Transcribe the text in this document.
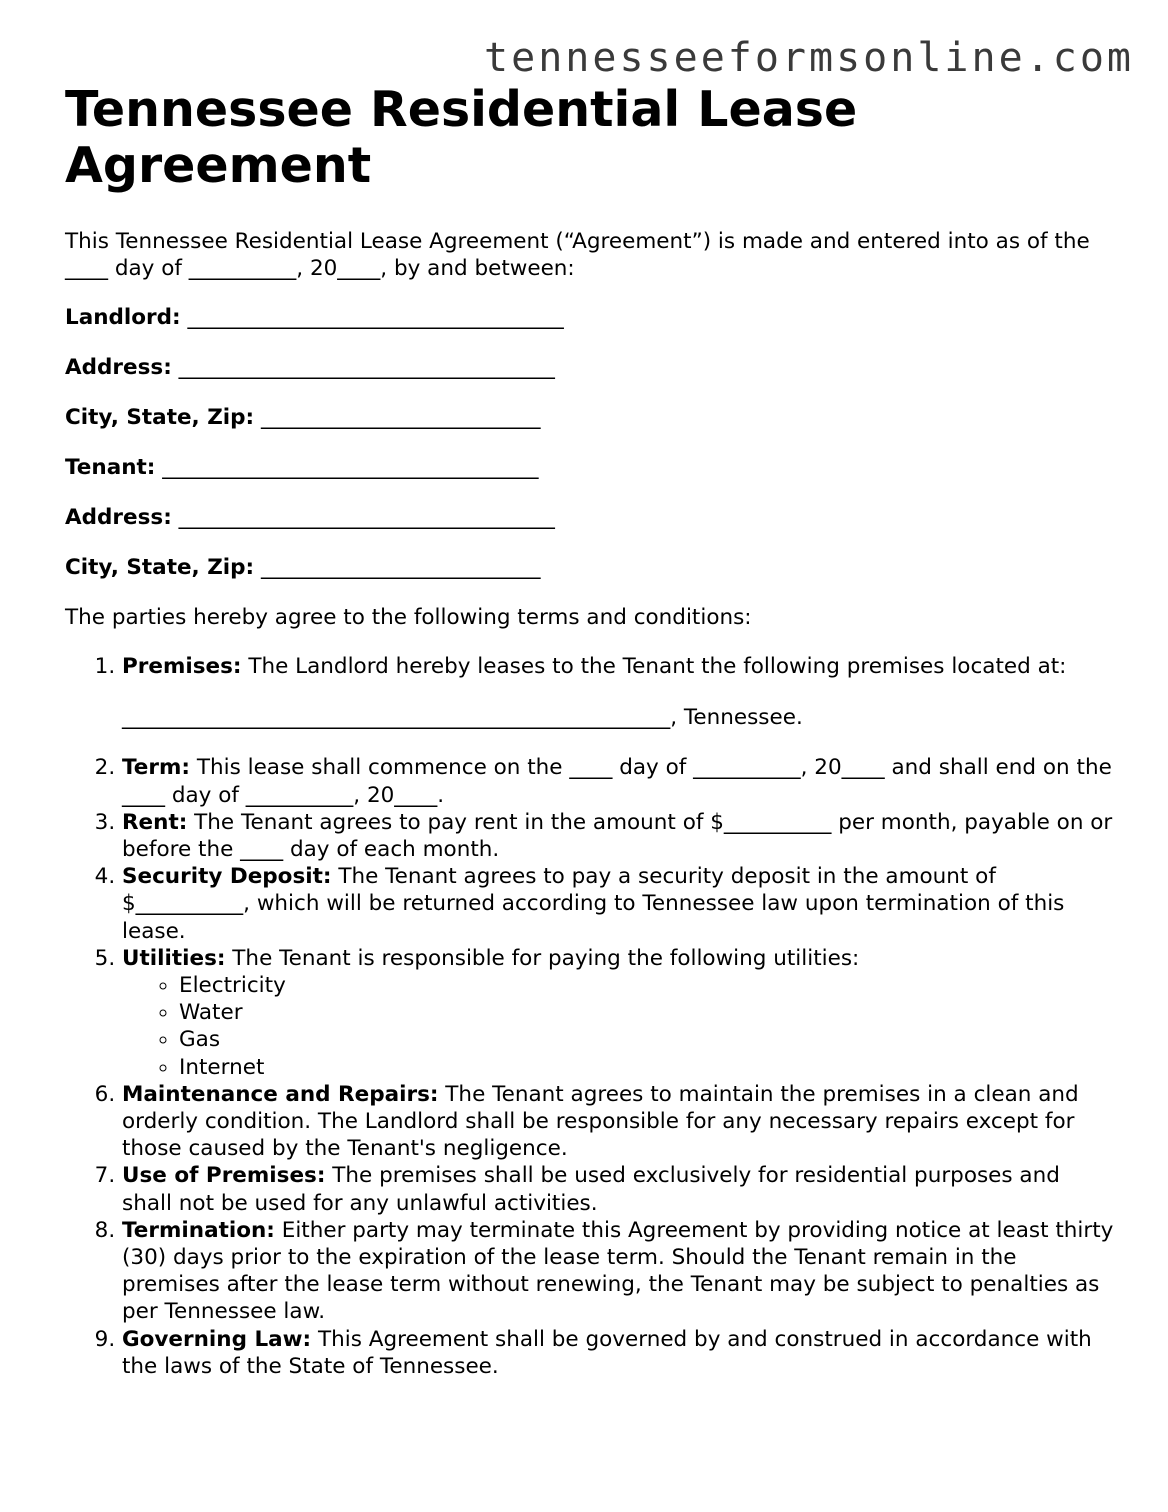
tennesseeformsonline.com
Tennessee Residential Lease Agreement

This Tennessee Residential Lease Agreement (“Agreement”) is made and entered into as of the ____ day of __________, 20____, by and between:

Landlord: ___________________________________
Address: ___________________________________
City, State, Zip: __________________________
Tenant: ___________________________________
Address: ___________________________________
City, State, Zip: __________________________

The parties hereby agree to the following terms and conditions:

1. Premises: The Landlord hereby leases to the Tenant the following premises located at:
___________________________________________________, Tennessee.
2. Term: This lease shall commence on the ____ day of __________, 20____ and shall end on the ____ day of __________, 20____.
3. Rent: The Tenant agrees to pay rent in the amount of $__________ per month, payable on or before the ____ day of each month.
4. Security Deposit: The Tenant agrees to pay a security deposit in the amount of $__________, which will be returned according to Tennessee law upon termination of this lease.
5. Utilities: The Tenant is responsible for paying the following utilities:
◦ Electricity
◦ Water
◦ Gas
◦ Internet
6. Maintenance and Repairs: The Tenant agrees to maintain the premises in a clean and orderly condition. The Landlord shall be responsible for any necessary repairs except for those caused by the Tenant's negligence.
7. Use of Premises: The premises shall be used exclusively for residential purposes and shall not be used for any unlawful activities.
8. Termination: Either party may terminate this Agreement by providing notice at least thirty (30) days prior to the expiration of the lease term. Should the Tenant remain in the premises after the lease term without renewing, the Tenant may be subject to penalties as per Tennessee law.
9. Governing Law: This Agreement shall be governed by and construed in accordance with the laws of the State of Tennessee.
